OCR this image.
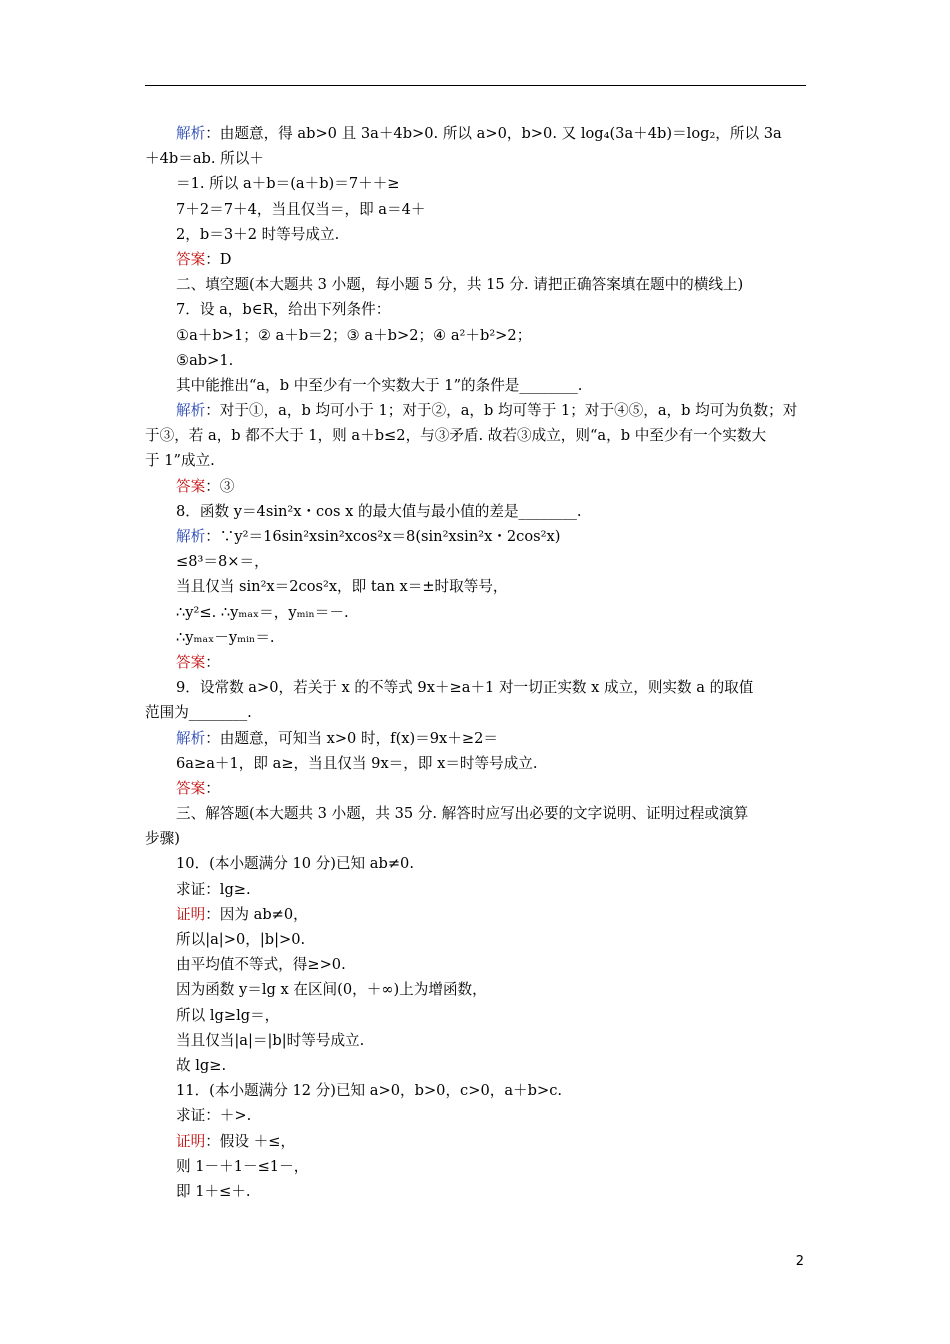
解析：由题意，得 ab>0 且 3a＋4b>0. 所以 a>0，b>0. 又 log₄(3a＋4b)＝log₂，所以 3a
＋4b＝ab. 所以＋
＝1. 所以 a＋b＝(a＋b)＝7＋＋≥
7＋2＝7＋4，当且仅当＝，即 a＝4＋
2，b＝3＋2 时等号成立.
答案：D
二、填空题(本大题共 3 小题，每小题 5 分，共 15 分. 请把正确答案填在题中的横线上)
7．设 a，b∈R，给出下列条件：
①a＋b>1；② a＋b＝2；③ a＋b>2；④ a²＋b²>2；
⑤ab>1.
其中能推出“a，b 中至少有一个实数大于 1”的条件是________.
解析：对于①，a，b 均可小于 1；对于②，a，b 均可等于 1；对于④⑤，a，b 均可为负数；对
于③，若 a，b 都不大于 1，则 a＋b≤2，与③矛盾. 故若③成立，则“a，b 中至少有一个实数大
于 1”成立.
答案：③
8．函数 y＝4sin²x・cos x 的最大值与最小值的差是________.
解析：∵y²＝16sin²xsin²xcos²x＝8(sin²xsin²x・2cos²x)
≤8³＝8×＝，
当且仅当 sin²x＝2cos²x，即 tan x＝±时取等号，
∴y²≤. ∴yₘₐₓ＝，yₘᵢₙ＝－.
∴yₘₐₓ－yₘᵢₙ＝.
答案：
9．设常数 a>0，若关于 x 的不等式 9x＋≥a＋1 对一切正实数 x 成立，则实数 a 的取值
范围为________.
解析：由题意，可知当 x>0 时，f(x)＝9x＋≥2＝
6a≥a＋1，即 a≥，当且仅当 9x＝，即 x＝时等号成立.
答案：
三、解答题(本大题共 3 小题，共 35 分. 解答时应写出必要的文字说明、证明过程或演算
步骤)
10．(本小题满分 10 分)已知 ab≠0.
求证：lg≥.
证明：因为 ab≠0，
所以|a|>0，|b|>0.
由平均值不等式，得≥>0.
因为函数 y＝lg x 在区间(0，＋∞)上为增函数，
所以 lg≥lg＝，
当且仅当|a|＝|b|时等号成立.
故 lg≥.
11．(本小题满分 12 分)已知 a>0，b>0，c>0，a＋b>c.
求证：＋>.
证明：假设 ＋≤，
则 1－＋1－≤1－，
即 1＋≤＋.
2
